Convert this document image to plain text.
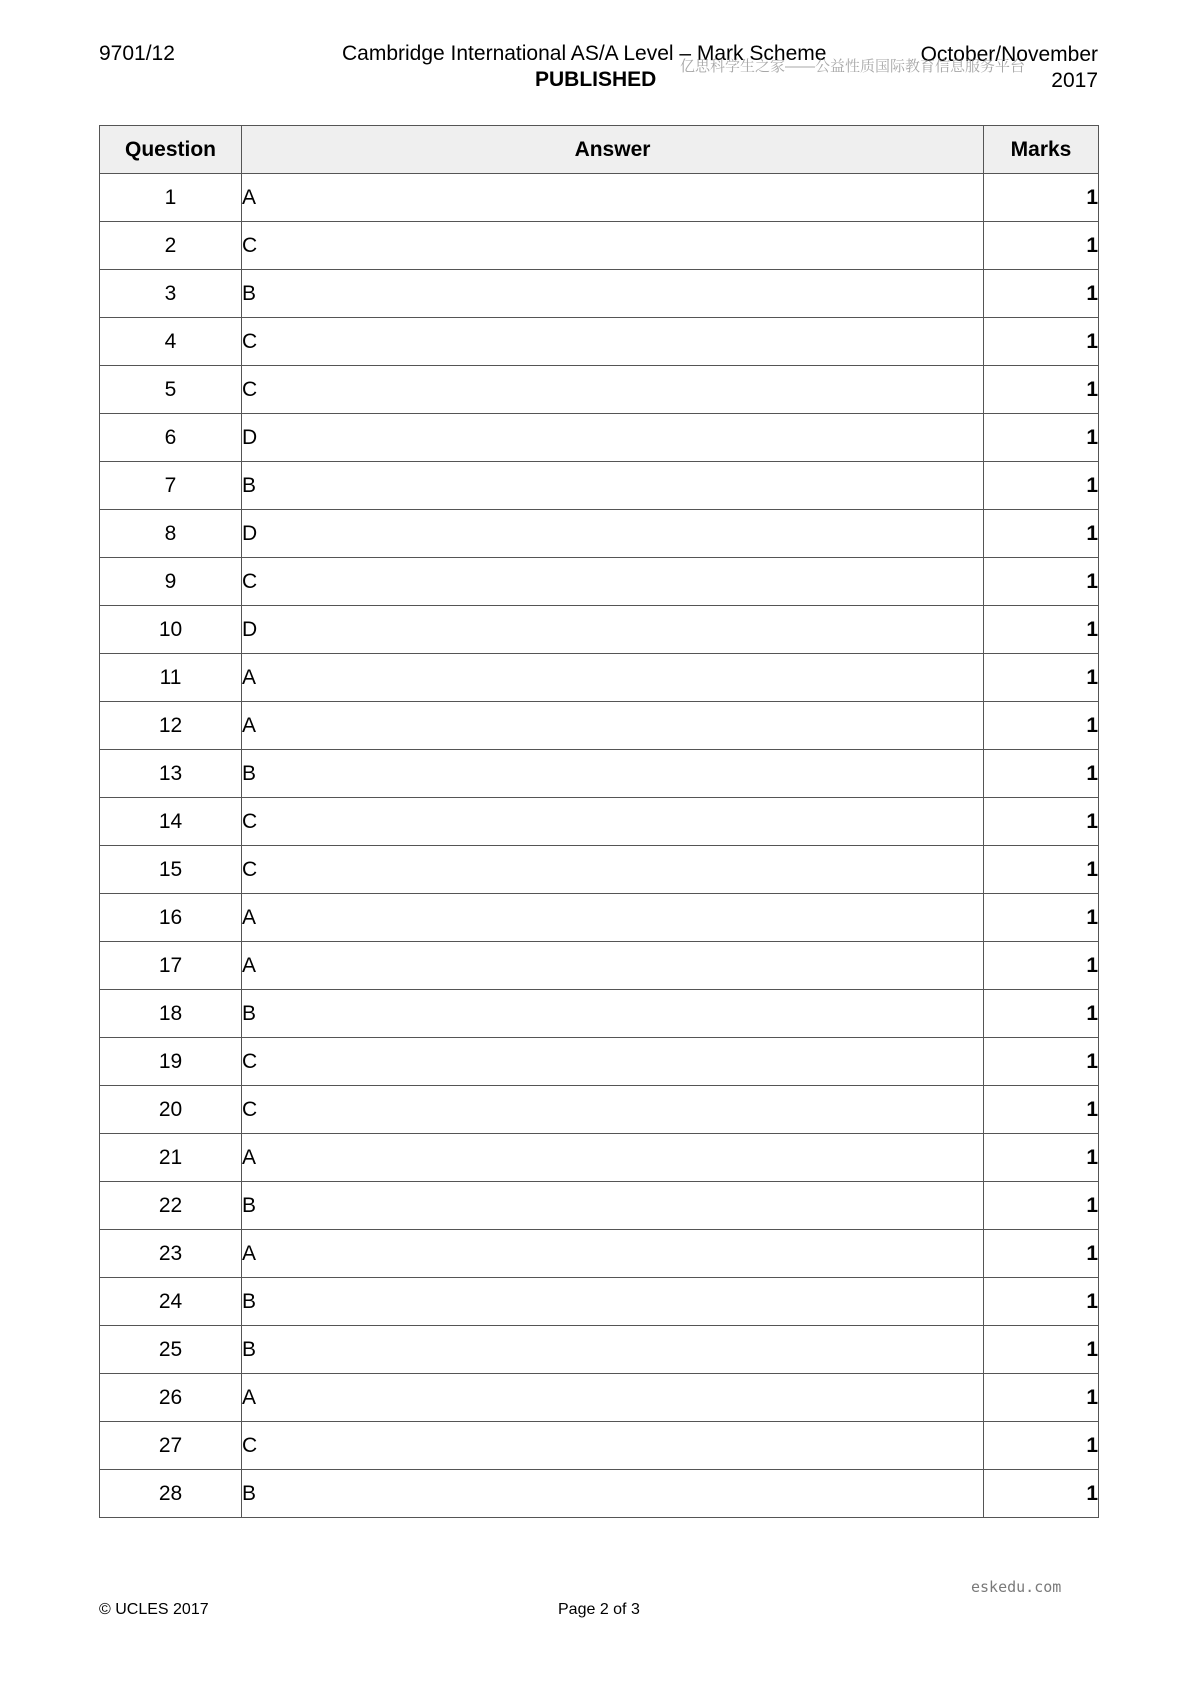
9701/12	Cambridge International AS/A Level – Mark Scheme
PUBLISHED
October/November
2017
亿思科学生之家——公益性质国际教育信息服务平台
Question	Answer	Marks
1	A	1
2	C	1
3	B	1
4	C	1
5	C	1
6	D	1
7	B	1
8	D	1
9	C	1
10	D	1
11	A	1
12	A	1
13	B	1
14	C	1
15	C	1
16	A	1
17	A	1
18	B	1
19	C	1
20	C	1
21	A	1
22	B	1
23	A	1
24	B	1
25	B	1
26	A	1
27	C	1
28	B	1
eskedu.com
© UCLES 2017	Page 2 of 3
